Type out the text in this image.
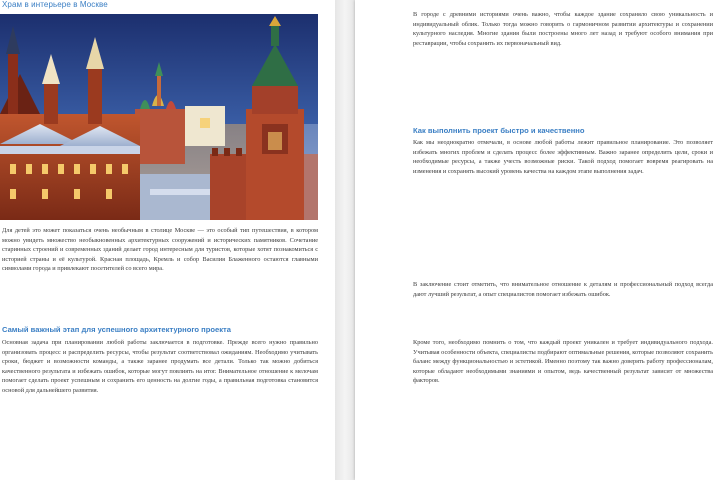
Храм в интерьере в Москве

Для детей это может показаться очень необычным в столице Москве — это особый тип путешествия, в котором можно увидеть множество необыкновенных архитектурных сооружений и исторических памятников. Сочетание старинных строений и современных зданий делает город интересным для туристов, которые хотят познакомиться с историей страны и её культурой. Красная площадь, Кремль и собор Василия Блаженного остаются главными символами города и привлекают посетителей со всего мира.

Самый важный этап для успешного архитектурного проекта

Основная задача при планировании любой работы заключается в подготовке. Прежде всего нужно правильно организовать процесс и распределить ресурсы, чтобы результат соответствовал ожиданиям. Необходимо учитывать сроки, бюджет и возможности команды, а также заранее продумать все детали. Только так можно добиться качественного результата и избежать ошибок, которые могут повлиять на итог. Внимательное отношение к мелочам помогает сделать проект успешным и сохранить его ценность на долгие годы, а правильная подготовка становится основой для дальнейшего развития.

В городе с древними историями очень важно, чтобы каждое здание сохраняло свою уникальность и индивидуальный облик. Только тогда можно говорить о гармоничном развитии архитектуры и сохранении культурного наследия. Многие здания были построены много лет назад и требуют особого внимания при реставрации, чтобы сохранить их первоначальный вид.

Как выполнить проект быстро и качественно

Как мы неоднократно отмечали, в основе любой работы лежит правильное планирование. Это позволяет избежать многих проблем и сделать процесс более эффективным. Важно заранее определить цели, сроки и необходимые ресурсы, а также учесть возможные риски. Такой подход помогает вовремя реагировать на изменения и сохранять высокий уровень качества на каждом этапе выполнения задач.

В заключение стоит отметить, что внимательное отношение к деталям и профессиональный подход всегда дают лучший результат, а опыт специалистов помогает избежать ошибок.

Кроме того, необходимо помнить о том, что каждый проект уникален и требует индивидуального подхода. Учитывая особенности объекта, специалисты подбирают оптимальные решения, которые позволяют сохранить баланс между функциональностью и эстетикой. Именно поэтому так важно доверять работу профессионалам, которые обладают необходимыми знаниями и опытом, ведь качественный результат зависит от множества факторов.
